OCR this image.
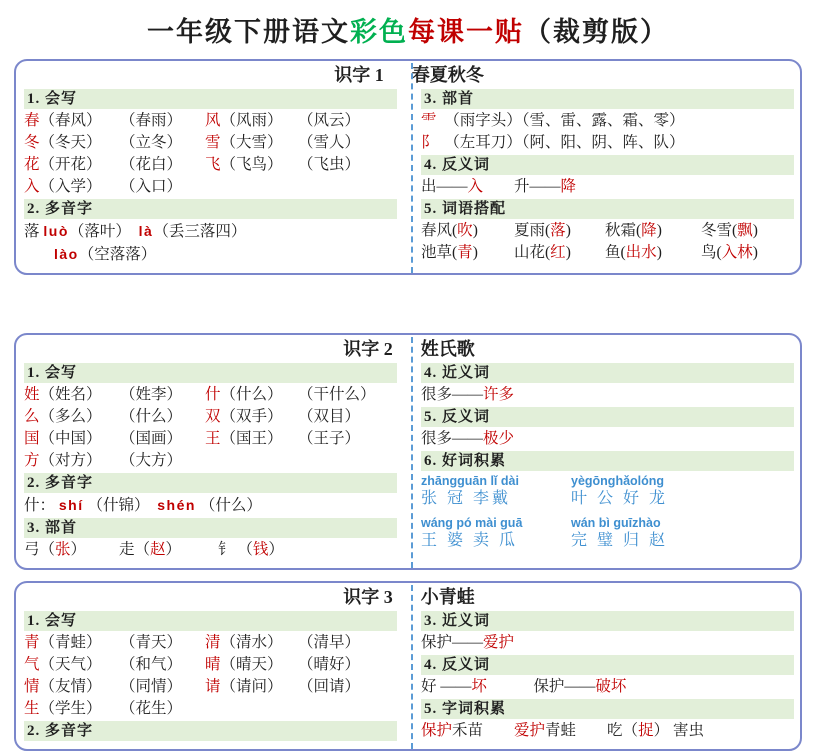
一年级下册语文彩色每课一贴（裁剪版）
识字 1 春夏秋冬
1. 会写
春（春风）	（春雨）	风（风雨） （风云）
冬（冬天）	（立冬）	雪（大雪） （雪人）
花（开花）	（花白）	飞（飞鸟） （飞虫）
入（入学）	（入口）
2. 多音字
落 luò（落叶）  là（丢三落四）
lào（空落落）
3. 部首
⻗　（雨字头）（雪、雷、露、霜、零）
阝　（左耳刀）（阿、阳、阴、阵、队）
4. 反义词
出——入　　升——降
5. 词语搭配
春风(吹)	夏雨(落)	秋霜(降)	冬雪(飘)
池草(青)	山花(红)	鱼(出水)	鸟(入林)
识字 2 姓氏歌
1. 会写
姓（姓名）	（姓李）	什（什么） （干什么）
么（多么）	（什么）	双（双手） （双目）
国（中国）	（国画）	王（国王） （王子）
方（对方）	（大方）
2. 多音字
什： shí （什锦）  shén （什么）
3. 部首
弓（张）	走（赵）	钅 （钱）
4. 近义词
很多——许多
5. 反义词
很多——极少
6. 好词积累
zhāngguān lǐ dài
张 冠 李戴
yègōnghǎolóng
叶 公 好 龙
wáng pó mài guā
王 婆 卖 瓜
wán bì guīzhào
完 璧 归 赵
识字 3 小青蛙
1. 会写
青（青蛙）	（青天）	清（清水） （清早）
气（天气）	（和气）	晴（晴天） （晴好）
情（友情）	（同情）	请（请问） （回请）
生（学生）	（花生）
2. 多音字
3. 近义词
保护——爱护
4. 反义词
好 ——坏　　　保护——破坏
5. 字词积累
保护禾苗　　爱护青蛙　　吃（捉） 害虫
